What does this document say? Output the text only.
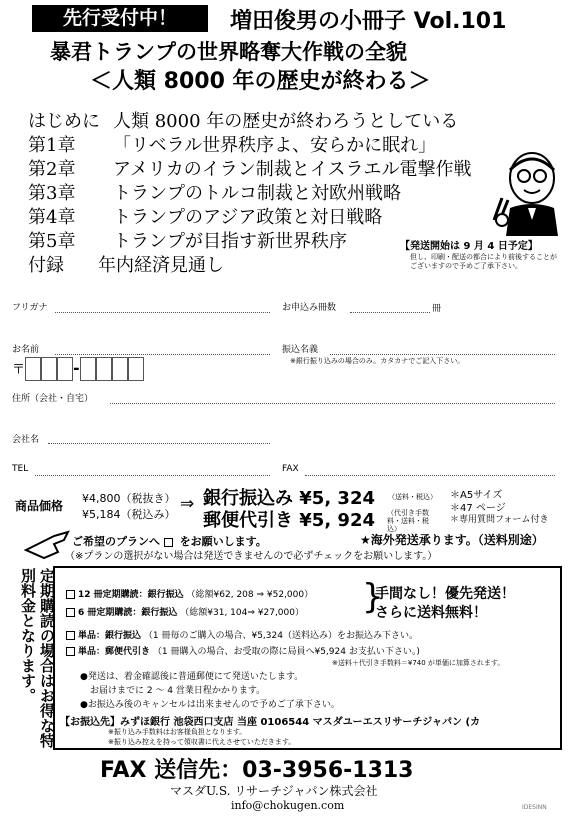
先行受付中！	増田俊男の小冊子 Vol.101
暴君トランプの世界略奪大作戦の全貌
＜人類 8000 年の歴史が終わる＞
はじめに 人類 8000 年の歴史が終わろうとしている
第1章 「リベラル世界秩序よ、安らかに眠れ」
第2章 アメリカのイラン制裁とイスラエル電撃作戦
第3章 トランプのトルコ制裁と対欧州戦略
第4章 トランプのアジア政策と対日戦略
第5章 トランプが目指す新世界秩序
付録 年内経済見通し
【発送開始は 9 月 4 日予定】
但し、印刷・配送の都合により前後することがございますので予めご了承下さい。
フリガナ	お申込み冊数	冊
お名前	振込名義
※銀行振り込みの場合のみ。カタカナでご記入下さい。
〒	-
住所（会社・自宅）
会社名
TEL	FAX
商品価格
¥4,800（税抜き）
¥5,184（税込み）
⇒ 銀行振込み ¥5, 324 （送料・税込）
郵便代引き ¥5, 924 （代引き手数料・送料・税込）
＊A5サイズ
＊47 ページ
＊専用質問フォーム付き
ご希望のプランへ をお願いします。	★海外発送承ります。（送料別途）
（※プランの選択がない場合は発送できませんので必ずチェックをお願いします。）
定期購読の場合はお得な特別料金となります。	12 冊定期購読：銀行振込 （総額¥62, 208 ⇒ ¥52,000）
6 冊定期購読：銀行振込 （総額¥31, 104⇒ ¥27,000） }
手間なし！優先発送！
さらに送料無料！
単品：銀行振込 （1 冊毎のご購入の場合、¥5,324（送料込み）をお振込み下さい。
単品：郵便代引き （1 冊購入の場合、お受取の際に局員へ¥5,924 お支払い下さい。)
※送料＋代引き手数料＝¥740 が単価に加算されます。
●発送は、着金確認後に普通郵便にて発送いたします。
お届けまでに 2 ～ 4 営業日程かかります。
●お振込み後のキャンセルは出来ませんので予めご了承下さい。
【お振込先】みずほ銀行 池袋西口支店 当座 0106544 マスダユーエスリサーチジャパン (カ
※振り込み手数料はお客様負担となります。
※振り込み控えを持って領収書に代えさせていただきます。
FAX 送信先：03-3956-1313
マスダU.S. リサーチジャパン株式会社
info@chokugen.com	IDESINN
